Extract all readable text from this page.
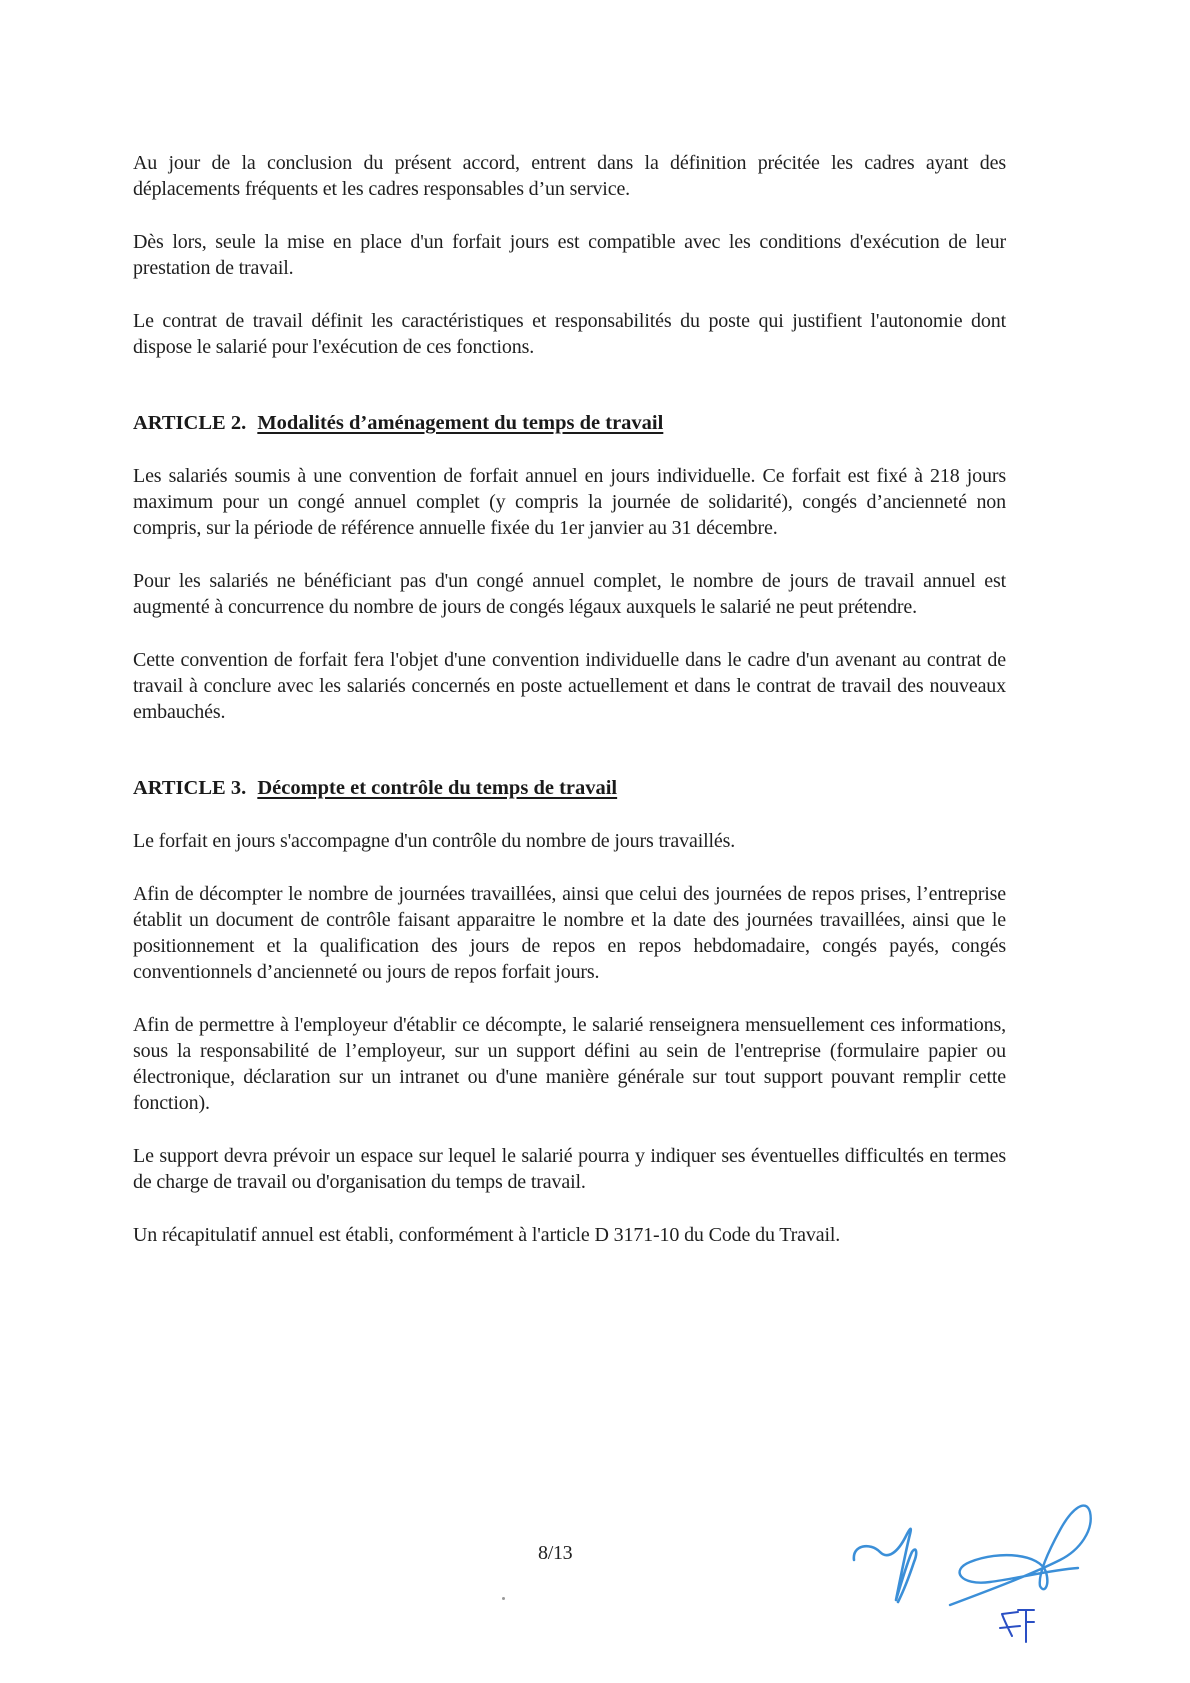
Au jour de la conclusion du présent accord, entrent dans la définition précitée les cadres ayant des déplacements fréquents et les cadres responsables d’un service.

Dès lors, seule la mise en place d'un forfait jours est compatible avec les conditions d'exécution de leur prestation de travail.

Le contrat de travail définit les caractéristiques et responsabilités du poste qui justifient l'autonomie dont dispose le salarié pour l'exécution de ces fonctions.

ARTICLE 2. Modalités d’aménagement du temps de travail

Les salariés soumis à une convention de forfait annuel en jours individuelle. Ce forfait est fixé à 218 jours maximum pour un congé annuel complet (y compris la journée de solidarité), congés d’ancienneté non compris, sur la période de référence annuelle fixée du 1er janvier au 31 décembre.

Pour les salariés ne bénéficiant pas d'un congé annuel complet, le nombre de jours de travail annuel est augmenté à concurrence du nombre de jours de congés légaux auxquels le salarié ne peut prétendre.

Cette convention de forfait fera l'objet d'une convention individuelle dans le cadre d'un avenant au contrat de travail à conclure avec les salariés concernés en poste actuellement et dans le contrat de travail des nouveaux embauchés.

ARTICLE 3. Décompte et contrôle du temps de travail

Le forfait en jours s'accompagne d'un contrôle du nombre de jours travaillés.

Afin de décompter le nombre de journées travaillées, ainsi que celui des journées de repos prises, l’entreprise établit un document de contrôle faisant apparaitre le nombre et la date des journées travaillées, ainsi que le positionnement et la qualification des jours de repos en repos hebdomadaire, congés payés, congés conventionnels d’ancienneté ou jours de repos forfait jours.

Afin de permettre à l'employeur d'établir ce décompte, le salarié renseignera mensuellement ces informations, sous la responsabilité de l’employeur, sur un support défini au sein de l'entreprise (formulaire papier ou électronique, déclaration sur un intranet ou d'une manière générale sur tout support pouvant remplir cette fonction).

Le support devra prévoir un espace sur lequel le salarié pourra y indiquer ses éventuelles difficultés en termes de charge de travail ou d'organisation du temps de travail.

Un récapitulatif annuel est établi, conformément à l'article D 3171-10 du Code du Travail.

8/13
